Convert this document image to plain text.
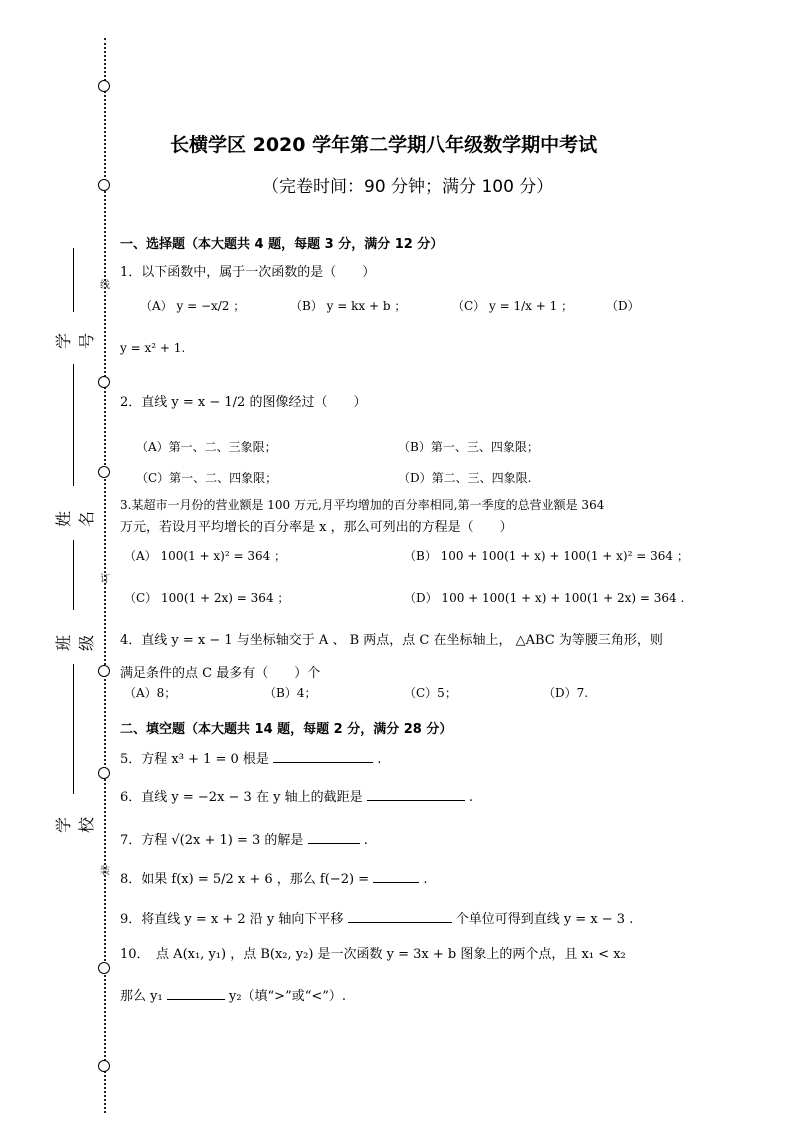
线
订
装
学号
姓名
班级
学校
长横学区 2020 学年第二学期八年级数学期中考试
（完卷时间：90 分钟；满分 100 分）
一、选择题（本大题共 4 题，每题 3 分，满分 12 分）
1．以下函数中，属于一次函数的是（　　）
（A） y = −x/2 ；	（B） y = kx + b ；	（C） y = 1/x + 1 ；	（D）
y = x² + 1.
2．直线 y = x − 1/2 的图像经过（　　）
（A）第一、二、三象限；	（B）第一、三、四象限；
（C）第一、二、四象限；	（D）第二、三、四象限.
3.某超市一月份的营业额是 100 万元,月平均增加的百分率相同,第一季度的总营业额是 364
万元，若设月平均增长的百分率是 x ，那么可列出的方程是（　　）
（A） 100(1 + x)² = 364 ；	（B） 100 + 100(1 + x) + 100(1 + x)² = 364 ；
（C） 100(1 + 2x) = 364 ；	（D） 100 + 100(1 + x) + 100(1 + 2x) = 364 .
4．直线 y = x − 1 与坐标轴交于 A 、 B 两点，点 C 在坐标轴上， △ABC 为等腰三角形，则
满足条件的点 C 最多有（　　）个
（A）8；	（B）4；	（C）5；	（D）7.
二、填空题（本大题共 14 题，每题 2 分，满分 28 分）
5．方程 x³ + 1 = 0 根是	.
6．直线 y = −2x − 3 在 y 轴上的截距是	.
7．方程 √(2x + 1) = 3 的解是	.
8．如果 f(x) = 5/2 x + 6 ，那么 f(−2) =	.
9．将直线 y = x + 2 沿 y 轴向下平移	个单位可得到直线 y = x − 3 .
10．　点 A(x₁, y₁) ，点 B(x₂, y₂) 是一次函数 y = 3x + b 图象上的两个点，且 x₁ < x₂
那么 y₁	y₂（填“>”或“<”）.
